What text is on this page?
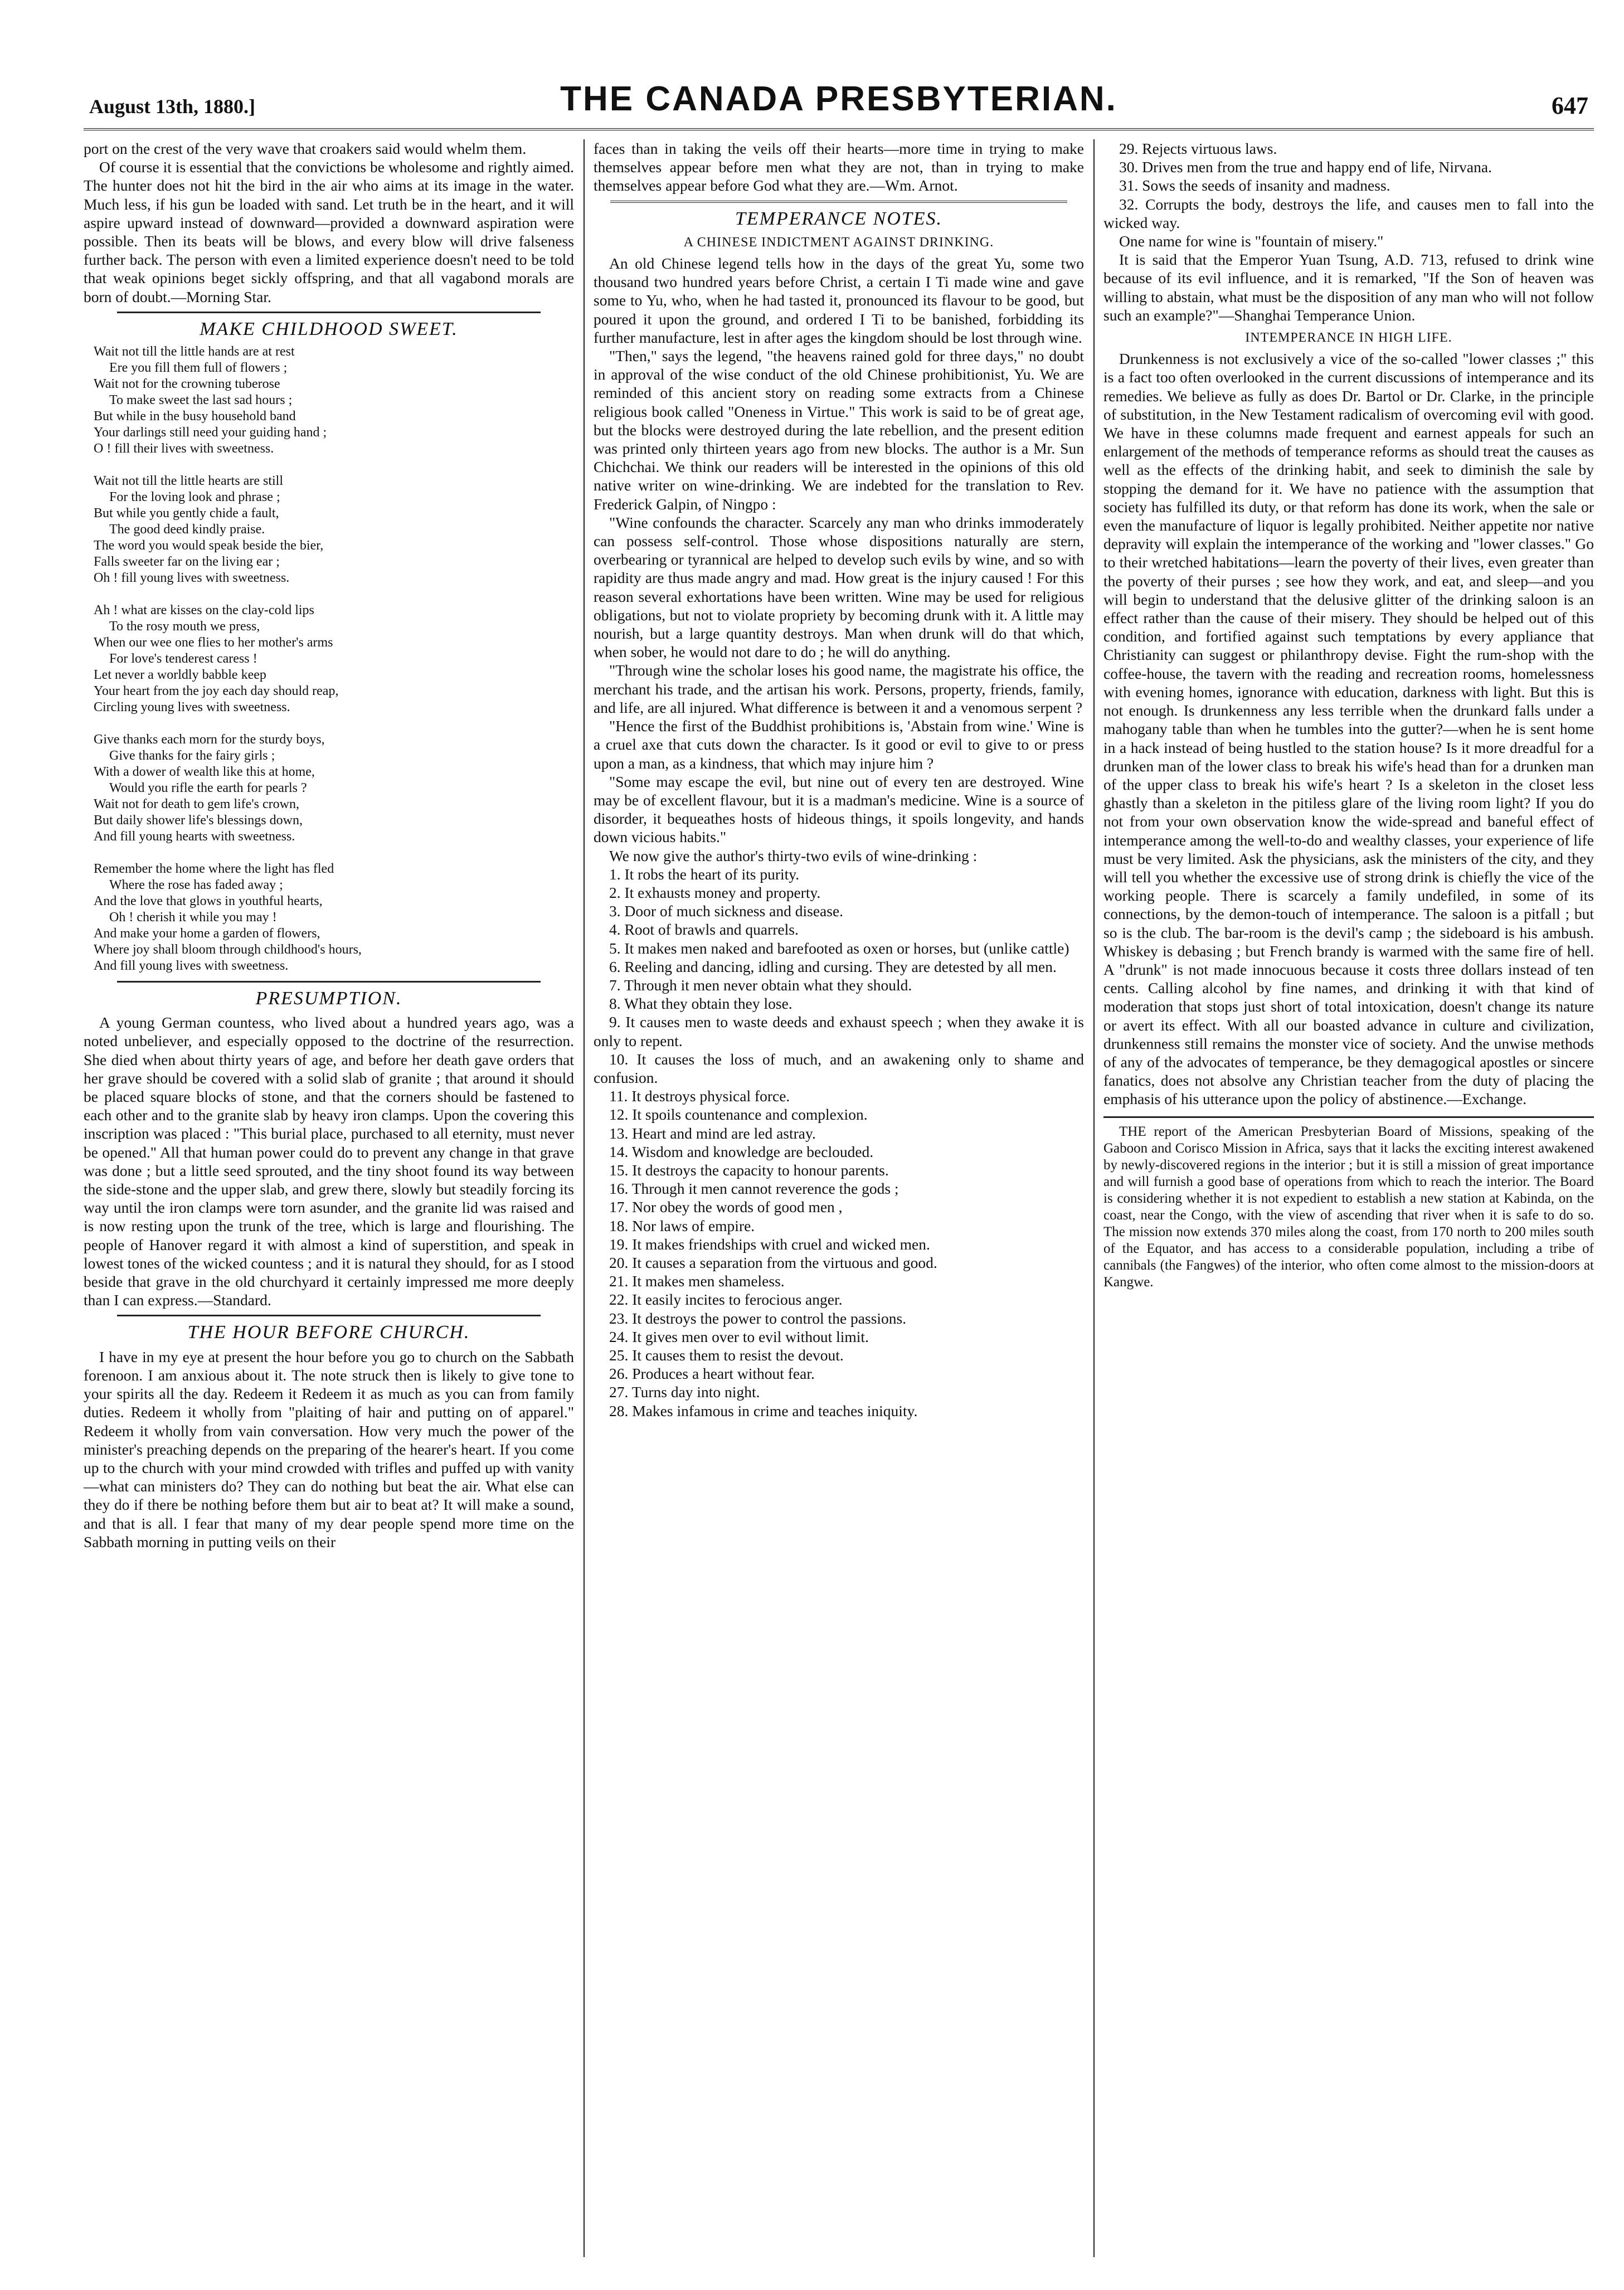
August 13th, 1880.]	THE CANADA PRESBYTERIAN.	647

port on the crest of the very wave that croakers said would whelm them.

Of course it is essential that the convictions be wholesome and rightly aimed. The hunter does not hit the bird in the air who aims at its image in the water. Much less, if his gun be loaded with sand. Let truth be in the heart, and it will aspire upward instead of downward—provided a downward aspiration were possible. Then its beats will be blows, and every blow will drive falseness further back. The person with even a limited experience doesn't need to be told that weak opinions beget sickly offspring, and that all vagabond morals are born of doubt.—Morning Star.

MAKE CHILDHOOD SWEET.
Wait not till the little hands are at rest
Ere you fill them full of flowers ;
Wait not for the crowning tuberose
To make sweet the last sad hours ;
But while in the busy household band
Your darlings still need your guiding hand ;
O ! fill their lives with sweetness.

Wait not till the little hearts are still
For the loving look and phrase ;
But while you gently chide a fault,
The good deed kindly praise.
The word you would speak beside the bier,
Falls sweeter far on the living ear ;
Oh ! fill young lives with sweetness.

Ah ! what are kisses on the clay-cold lips
To the rosy mouth we press,
When our wee one flies to her mother's arms
For love's tenderest caress !
Let never a worldly babble keep
Your heart from the joy each day should reap,
Circling young lives with sweetness.

Give thanks each morn for the sturdy boys,
Give thanks for the fairy girls ;
With a dower of wealth like this at home,
Would you rifle the earth for pearls ?
Wait not for death to gem life's crown,
But daily shower life's blessings down,
And fill young hearts with sweetness.

Remember the home where the light has fled
Where the rose has faded away ;
And the love that glows in youthful hearts,
Oh ! cherish it while you may !
And make your home a garden of flowers,
Where joy shall bloom through childhood's hours,
And fill young lives with sweetness.
PRESUMPTION.

A young German countess, who lived about a hundred years ago, was a noted unbeliever, and especially opposed to the doctrine of the resurrection. She died when about thirty years of age, and before her death gave orders that her grave should be covered with a solid slab of granite ; that around it should be placed square blocks of stone, and that the corners should be fastened to each other and to the granite slab by heavy iron clamps. Upon the covering this inscription was placed : "This burial place, purchased to all eternity, must never be opened." All that human power could do to prevent any change in that grave was done ; but a little seed sprouted, and the tiny shoot found its way between the side-stone and the upper slab, and grew there, slowly but steadily forcing its way until the iron clamps were torn asunder, and the granite lid was raised and is now resting upon the trunk of the tree, which is large and flourishing. The people of Hanover regard it with almost a kind of superstition, and speak in lowest tones of the wicked countess ; and it is natural they should, for as I stood beside that grave in the old churchyard it certainly impressed me more deeply than I can express.—Standard.

THE HOUR BEFORE CHURCH.

I have in my eye at present the hour before you go to church on the Sabbath forenoon. I am anxious about it. The note struck then is likely to give tone to your spirits all the day. Redeem it Redeem it as much as you can from family duties. Redeem it wholly from "plaiting of hair and putting on of apparel." Redeem it wholly from vain conversation. How very much the power of the minister's preaching depends on the preparing of the hearer's heart. If you come up to the church with your mind crowded with trifles and puffed up with vanity—what can ministers do? They can do nothing but beat the air. What else can they do if there be nothing before them but air to beat at? It will make a sound, and that is all. I fear that many of my dear people spend more time on the Sabbath morning in putting veils on their

faces than in taking the veils off their hearts—more time in trying to make themselves appear before men what they are not, than in trying to make themselves appear before God what they are.—Wm. Arnot.

TEMPERANCE NOTES.
A CHINESE INDICTMENT AGAINST DRINKING.

An old Chinese legend tells how in the days of the great Yu, some two thousand two hundred years before Christ, a certain I Ti made wine and gave some to Yu, who, when he had tasted it, pronounced its flavour to be good, but poured it upon the ground, and ordered I Ti to be banished, forbidding its further manufacture, lest in after ages the kingdom should be lost through wine.

"Then," says the legend, "the heavens rained gold for three days," no doubt in approval of the wise conduct of the old Chinese prohibitionist, Yu. We are reminded of this ancient story on reading some extracts from a Chinese religious book called "Oneness in Virtue." This work is said to be of great age, but the blocks were destroyed during the late rebellion, and the present edition was printed only thirteen years ago from new blocks. The author is a Mr. Sun Chichchai. We think our readers will be interested in the opinions of this old native writer on wine-drinking. We are indebted for the translation to Rev. Frederick Galpin, of Ningpo :

"Wine confounds the character. Scarcely any man who drinks immoderately can possess self-control. Those whose dispositions naturally are stern, overbearing or tyrannical are helped to develop such evils by wine, and so with rapidity are thus made angry and mad. How great is the injury caused ! For this reason several exhortations have been written. Wine may be used for religious obligations, but not to violate propriety by becoming drunk with it. A little may nourish, but a large quantity destroys. Man when drunk will do that which, when sober, he would not dare to do ; he will do anything.

"Through wine the scholar loses his good name, the magistrate his office, the merchant his trade, and the artisan his work. Persons, property, friends, family, and life, are all injured. What difference is between it and a venomous serpent ?

"Hence the first of the Buddhist prohibitions is, 'Abstain from wine.' Wine is a cruel axe that cuts down the character. Is it good or evil to give to or press upon a man, as a kindness, that which may injure him ?

"Some may escape the evil, but nine out of every ten are destroyed. Wine may be of excellent flavour, but it is a madman's medicine. Wine is a source of disorder, it bequeathes hosts of hideous things, it spoils longevity, and hands down vicious habits."

We now give the author's thirty-two evils of wine-drinking :

1. It robs the heart of its purity.
2. It exhausts money and property.
3. Door of much sickness and disease.
4. Root of brawls and quarrels.
5. It makes men naked and barefooted as oxen or horses, but (unlike cattle)
6. Reeling and dancing, idling and cursing. They are detested by all men.
7. Through it men never obtain what they should.
8. What they obtain they lose.
9. It causes men to waste deeds and exhaust speech ; when they awake it is only to repent.
10. It causes the loss of much, and an awakening only to shame and confusion.
11. It destroys physical force.
12. It spoils countenance and complexion.
13. Heart and mind are led astray.
14. Wisdom and knowledge are beclouded.
15. It destroys the capacity to honour parents.
16. Through it men cannot reverence the gods ;
17. Nor obey the words of good men ,
18. Nor laws of empire.
19. It makes friendships with cruel and wicked men.
20. It causes a separation from the virtuous and good.
21. It makes men shameless.
22. It easily incites to ferocious anger.
23. It destroys the power to control the passions.
24. It gives men over to evil without limit.
25. It causes them to resist the devout.
26. Produces a heart without fear.
27. Turns day into night.
28. Makes infamous in crime and teaches iniquity.
29. Rejects virtuous laws.
30. Drives men from the true and happy end of life, Nirvana.
31. Sows the seeds of insanity and madness.
32. Corrupts the body, destroys the life, and causes men to fall into the wicked way.

One name for wine is "fountain of misery."

It is said that the Emperor Yuan Tsung, A.D. 713, refused to drink wine because of its evil influence, and it is remarked, "If the Son of heaven was willing to abstain, what must be the disposition of any man who will not follow such an example?"—Shanghai Temperance Union.

INTEMPERANCE IN HIGH LIFE.

Drunkenness is not exclusively a vice of the so-called "lower classes ;" this is a fact too often overlooked in the current discussions of intemperance and its remedies. We believe as fully as does Dr. Bartol or Dr. Clarke, in the principle of substitution, in the New Testament radicalism of overcoming evil with good. We have in these columns made frequent and earnest appeals for such an enlargement of the methods of temperance reforms as should treat the causes as well as the effects of the drinking habit, and seek to diminish the sale by stopping the demand for it. We have no patience with the assumption that society has fulfilled its duty, or that reform has done its work, when the sale or even the manufacture of liquor is legally prohibited. Neither appetite nor native depravity will explain the intemperance of the working and "lower classes." Go to their wretched habitations—learn the poverty of their lives, even greater than the poverty of their purses ; see how they work, and eat, and sleep—and you will begin to understand that the delusive glitter of the drinking saloon is an effect rather than the cause of their misery. They should be helped out of this condition, and fortified against such temptations by every appliance that Christianity can suggest or philanthropy devise. Fight the rum-shop with the coffee-house, the tavern with the reading and recreation rooms, homelessness with evening homes, ignorance with education, darkness with light. But this is not enough. Is drunkenness any less terrible when the drunkard falls under a mahogany table than when he tumbles into the gutter?—when he is sent home in a hack instead of being hustled to the station house? Is it more dreadful for a drunken man of the lower class to break his wife's head than for a drunken man of the upper class to break his wife's heart ? Is a skeleton in the closet less ghastly than a skeleton in the pitiless glare of the living room light? If you do not from your own observation know the wide-spread and baneful effect of intemperance among the well-to-do and wealthy classes, your experience of life must be very limited. Ask the physicians, ask the ministers of the city, and they will tell you whether the excessive use of strong drink is chiefly the vice of the working people. There is scarcely a family undefiled, in some of its connections, by the demon-touch of intemperance. The saloon is a pitfall ; but so is the club. The bar-room is the devil's camp ; the sideboard is his ambush. Whiskey is debasing ; but French brandy is warmed with the same fire of hell. A "drunk" is not made innocuous because it costs three dollars instead of ten cents. Calling alcohol by fine names, and drinking it with that kind of moderation that stops just short of total intoxication, doesn't change its nature or avert its effect. With all our boasted advance in culture and civilization, drunkenness still remains the monster vice of society. And the unwise methods of any of the advocates of temperance, be they demagogical apostles or sincere fanatics, does not absolve any Christian teacher from the duty of placing the emphasis of his utterance upon the policy of abstinence.—Exchange.

THE report of the American Presbyterian Board of Missions, speaking of the Gaboon and Corisco Mission in Africa, says that it lacks the exciting interest awakened by newly-discovered regions in the interior ; but it is still a mission of great importance and will furnish a good base of operations from which to reach the interior. The Board is considering whether it is not expedient to establish a new station at Kabinda, on the coast, near the Congo, with the view of ascending that river when it is safe to do so. The mission now extends 370 miles along the coast, from 170 north to 200 miles south of the Equator, and has access to a considerable population, including a tribe of cannibals (the Fangwes) of the interior, who often come almost to the mission-doors at Kangwe.
